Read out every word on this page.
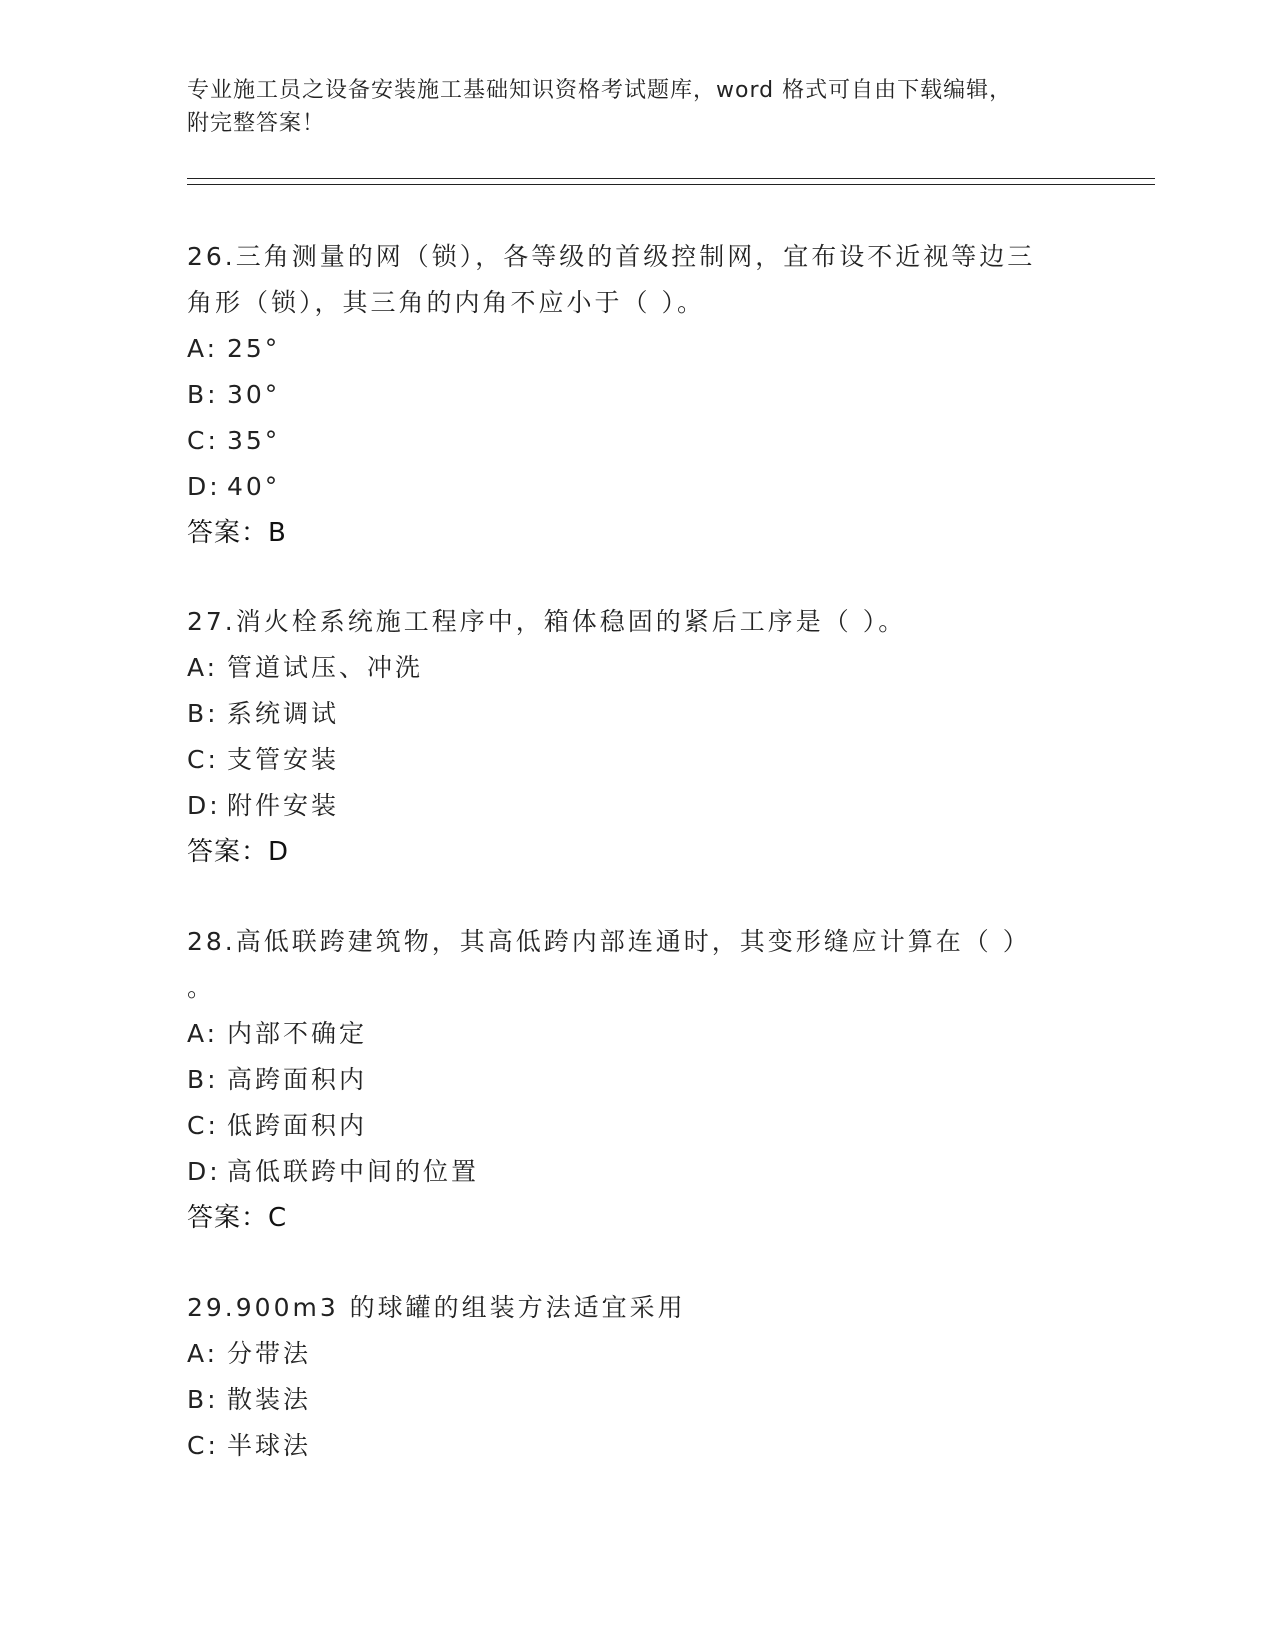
专业施工员之设备安装施工基础知识资格考试题库，word 格式可自由下载编辑，
附完整答案！

26.三角测量的网（锁），各等级的首级控制网，宜布设不近视等边三

角形（锁），其三角的内角不应小于（ ）。

A: 25°

B: 30°

C: 35°

D: 40°

答案：B

27.消火栓系统施工程序中，箱体稳固的紧后工序是（ ）。

A: 管道试压、冲洗

B: 系统调试

C: 支管安装

D: 附件安装

答案：D

28.高低联跨建筑物，其高低跨内部连通时，其变形缝应计算在（ ）

。

A: 内部不确定

B: 高跨面积内

C: 低跨面积内

D: 高低联跨中间的位置

答案：C

29.900m3 的球罐的组装方法适宜采用

A: 分带法

B: 散装法

C: 半球法
